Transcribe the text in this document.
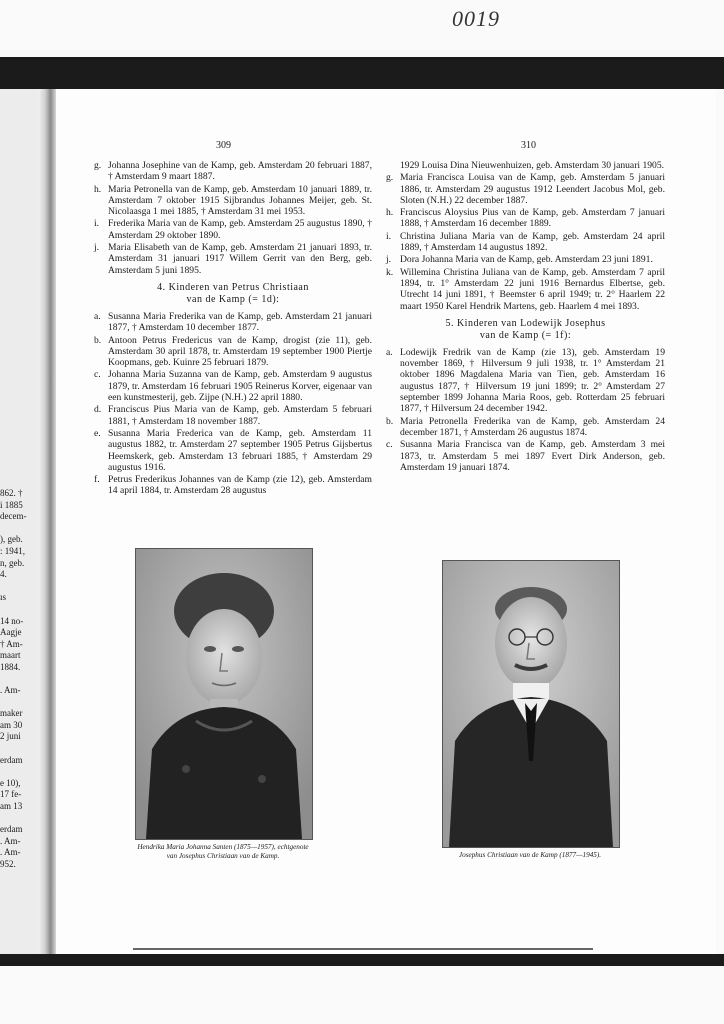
0019
862. †
i 1885
decem-
), geb.
: 1941,
n, geb.
4.
ıs
14 no-
Aagje
† Am-
maart
1884.
. Am-
maker
am 30
2 juni
erdam
e 10),
17 fe-
am 13
erdam
. Am-
. Am-
952.
309	310
g. Johanna Josephine van de Kamp, geb. Amsterdam 20 februari 1887, † Amsterdam 9 maart 1887.
h. Maria Petronella van de Kamp, geb. Amsterdam 10 januari 1889, tr. Amsterdam 7 oktober 1915 Sijbrandus Johannes Meijer, geb. St. Nicolaasga 1 mei 1885, † Amsterdam 31 mei 1953.
i. Frederika Maria van de Kamp, geb. Amsterdam 25 augustus 1890, † Amsterdam 29 oktober 1890.
j. Maria Elisabeth van de Kamp, geb. Amsterdam 21 januari 1893, tr. Amsterdam 31 januari 1917 Willem Gerrit van den Berg, geb. Amsterdam 5 juni 1895.
4. Kinderen van Petrus Christiaan
van de Kamp (= 1d):
a. Susanna Maria Frederika van de Kamp, geb. Amsterdam 21 januari 1877, † Amsterdam 10 december 1877.
b. Antoon Petrus Fredericus van de Kamp, drogist (zie 11), geb. Amsterdam 30 april 1878, tr. Amsterdam 19 september 1900 Piertje Koopmans, geb. Kuinre 25 februari 1879.
c. Johanna Maria Suzanna van de Kamp, geb. Amsterdam 9 augustus 1879, tr. Amsterdam 16 februari 1905 Reinerus Korver, eigenaar van een kunstmesterij, geb. Zijpe (N.H.) 22 april 1880.
d. Franciscus Pius Maria van de Kamp, geb. Amsterdam 5 februari 1881, † Amsterdam 18 november 1887.
e. Susanna Maria Frederica van de Kamp, geb. Amsterdam 11 augustus 1882, tr. Amsterdam 27 september 1905 Petrus Gijsbertus Heemskerk, geb. Amsterdam 13 februari 1885, † Amsterdam 29 augustus 1916.
f. Petrus Frederikus Johannes van de Kamp (zie 12), geb. Amsterdam 14 april 1884, tr. Amsterdam 28 augustus
1929 Louisa Dina Nieuwenhuizen, geb. Amsterdam 30 januari 1905.
g. Maria Francisca Louisa van de Kamp, geb. Amsterdam 5 januari 1886, tr. Amsterdam 29 augustus 1912 Leendert Jacobus Mol, geb. Sloten (N.H.) 22 december 1887.
h. Franciscus Aloysius Pius van de Kamp, geb. Amsterdam 7 januari 1888, † Amsterdam 16 december 1889.
i. Christina Juliana Maria van de Kamp, geb. Amsterdam 24 april 1889, † Amsterdam 14 augustus 1892.
j. Dora Johanna Maria van de Kamp, geb. Amsterdam 23 juni 1891.
k. Willemina Christina Juliana van de Kamp, geb. Amsterdam 7 april 1894, tr. 1° Amsterdam 22 juni 1916 Bernardus Elbertse, geb. Utrecht 14 juni 1891, † Beemster 6 april 1949; tr. 2° Haarlem 22 maart 1950 Karel Hendrik Martens, geb. Haarlem 4 mei 1893.
5. Kinderen van Lodewijk Josephus
van de Kamp (= 1f):
a. Lodewijk Fredrik van de Kamp (zie 13), geb. Amsterdam 19 november 1869, † Hilversum 9 juli 1938, tr. 1° Amsterdam 21 oktober 1896 Magdalena Maria van Tien, geb. Amsterdam 16 augustus 1877, † Hilversum 19 juni 1899; tr. 2° Amsterdam 27 september 1899 Johanna Maria Roos, geb. Rotterdam 25 februari 1877, † Hilversum 24 december 1942.
b. Maria Petronella Frederika van de Kamp, geb. Amsterdam 24 december 1871, † Amsterdam 26 augustus 1874.
c. Susanna Maria Francisca van de Kamp, geb. Amsterdam 3 mei 1873, tr. Amsterdam 5 mei 1897 Evert Dirk Anderson, geb. Amsterdam 19 januari 1874.
Hendrika Maria Johanna Santen (1875—1957), echtgenote van Josephus Christiaan van de Kamp.	Josephus Christiaan van de Kamp (1877—1945).
